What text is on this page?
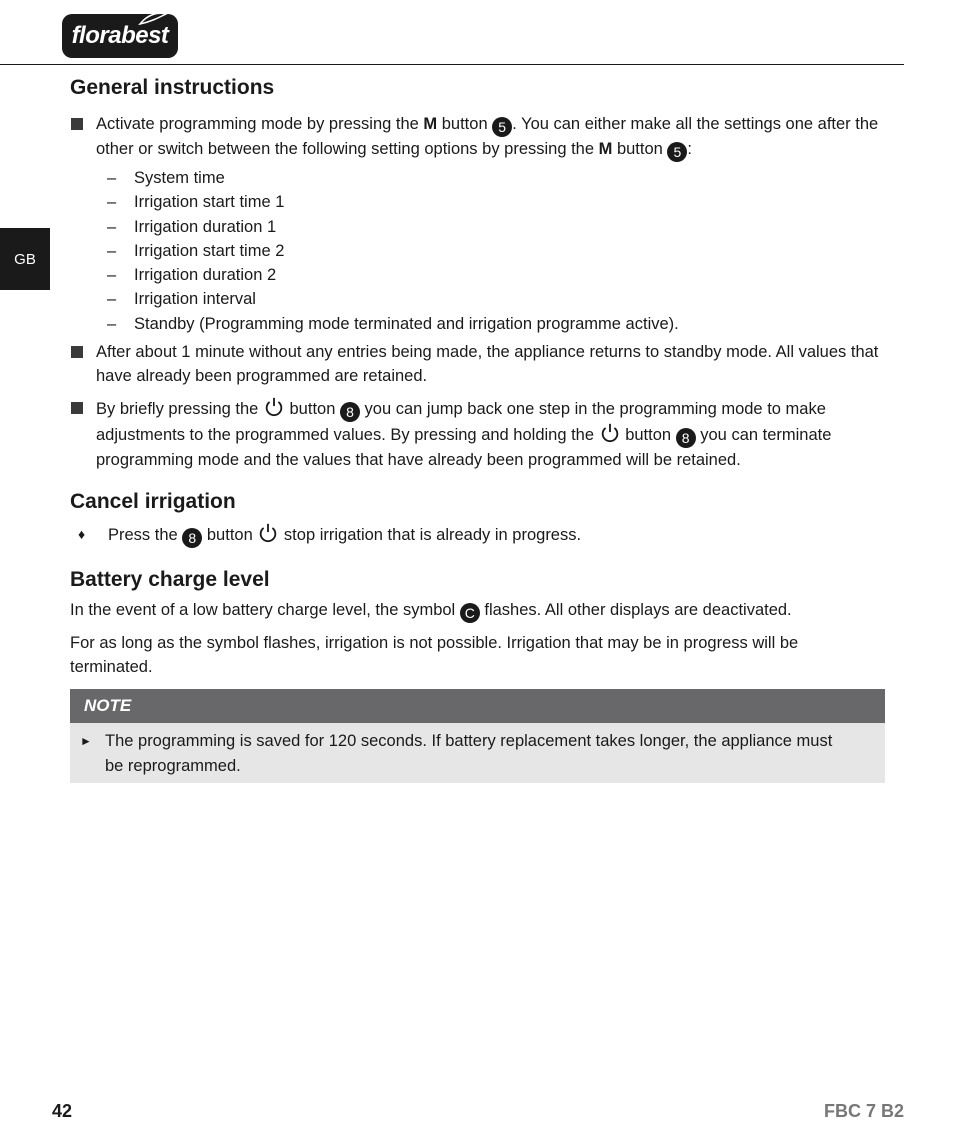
florabest
GB
General instructions
Activate programming mode by pressing the M button 5 . You can either make all the settings one after the other or switch between the following setting options by pressing the M button 5 :
– System time
– Irrigation start time 1
– Irrigation duration 1
– Irrigation start time 2
– Irrigation duration 2
– Irrigation interval
– Standby (Programming mode terminated and irrigation programme active).
After about 1 minute without any entries being made, the appliance returns to standby mode. All values that have already been programmed are retained.
By briefly pressing the  button 8 you can jump back one step in the programming mode to make adjustments to the programmed values. By pressing and holding the  button 8 you can terminate programming mode and the values that have already been programmed will be retained.
Cancel irrigation
♦ Press the 8 button  stop irrigation that is already in progress.
Battery charge level

In the event of a low battery charge level, the symbol C flashes. All other displays are deactivated.

For as long as the symbol flashes, irrigation is not possible. Irrigation that may be in progress will be terminated.

NOTE
► The programming is saved for 120 seconds. If battery replacement takes longer, the appliance must be reprogrammed.
42	FBC 7 B2
